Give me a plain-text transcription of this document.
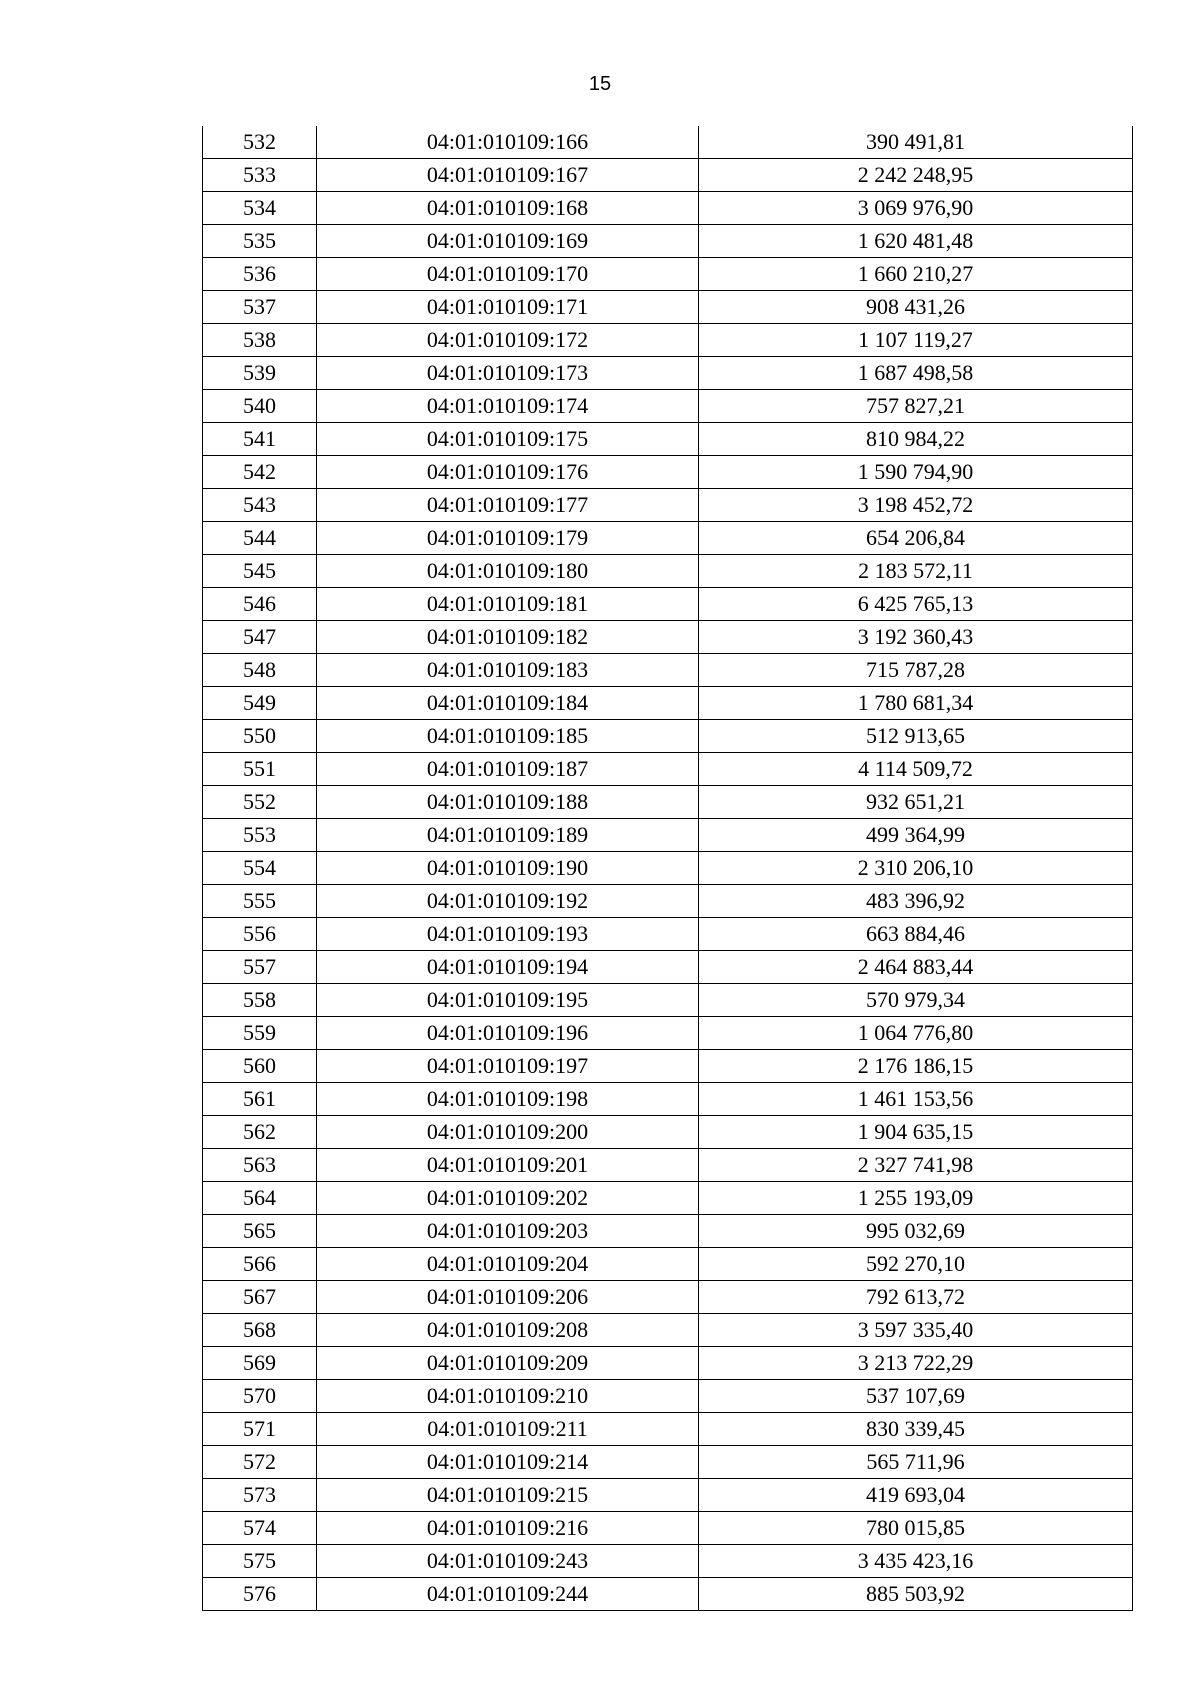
15
532	04:01:010109:166	390 491,81
533	04:01:010109:167	2 242 248,95
534	04:01:010109:168	3 069 976,90
535	04:01:010109:169	1 620 481,48
536	04:01:010109:170	1 660 210,27
537	04:01:010109:171	908 431,26
538	04:01:010109:172	1 107 119,27
539	04:01:010109:173	1 687 498,58
540	04:01:010109:174	757 827,21
541	04:01:010109:175	810 984,22
542	04:01:010109:176	1 590 794,90
543	04:01:010109:177	3 198 452,72
544	04:01:010109:179	654 206,84
545	04:01:010109:180	2 183 572,11
546	04:01:010109:181	6 425 765,13
547	04:01:010109:182	3 192 360,43
548	04:01:010109:183	715 787,28
549	04:01:010109:184	1 780 681,34
550	04:01:010109:185	512 913,65
551	04:01:010109:187	4 114 509,72
552	04:01:010109:188	932 651,21
553	04:01:010109:189	499 364,99
554	04:01:010109:190	2 310 206,10
555	04:01:010109:192	483 396,92
556	04:01:010109:193	663 884,46
557	04:01:010109:194	2 464 883,44
558	04:01:010109:195	570 979,34
559	04:01:010109:196	1 064 776,80
560	04:01:010109:197	2 176 186,15
561	04:01:010109:198	1 461 153,56
562	04:01:010109:200	1 904 635,15
563	04:01:010109:201	2 327 741,98
564	04:01:010109:202	1 255 193,09
565	04:01:010109:203	995 032,69
566	04:01:010109:204	592 270,10
567	04:01:010109:206	792 613,72
568	04:01:010109:208	3 597 335,40
569	04:01:010109:209	3 213 722,29
570	04:01:010109:210	537 107,69
571	04:01:010109:211	830 339,45
572	04:01:010109:214	565 711,96
573	04:01:010109:215	419 693,04
574	04:01:010109:216	780 015,85
575	04:01:010109:243	3 435 423,16
576	04:01:010109:244	885 503,92
